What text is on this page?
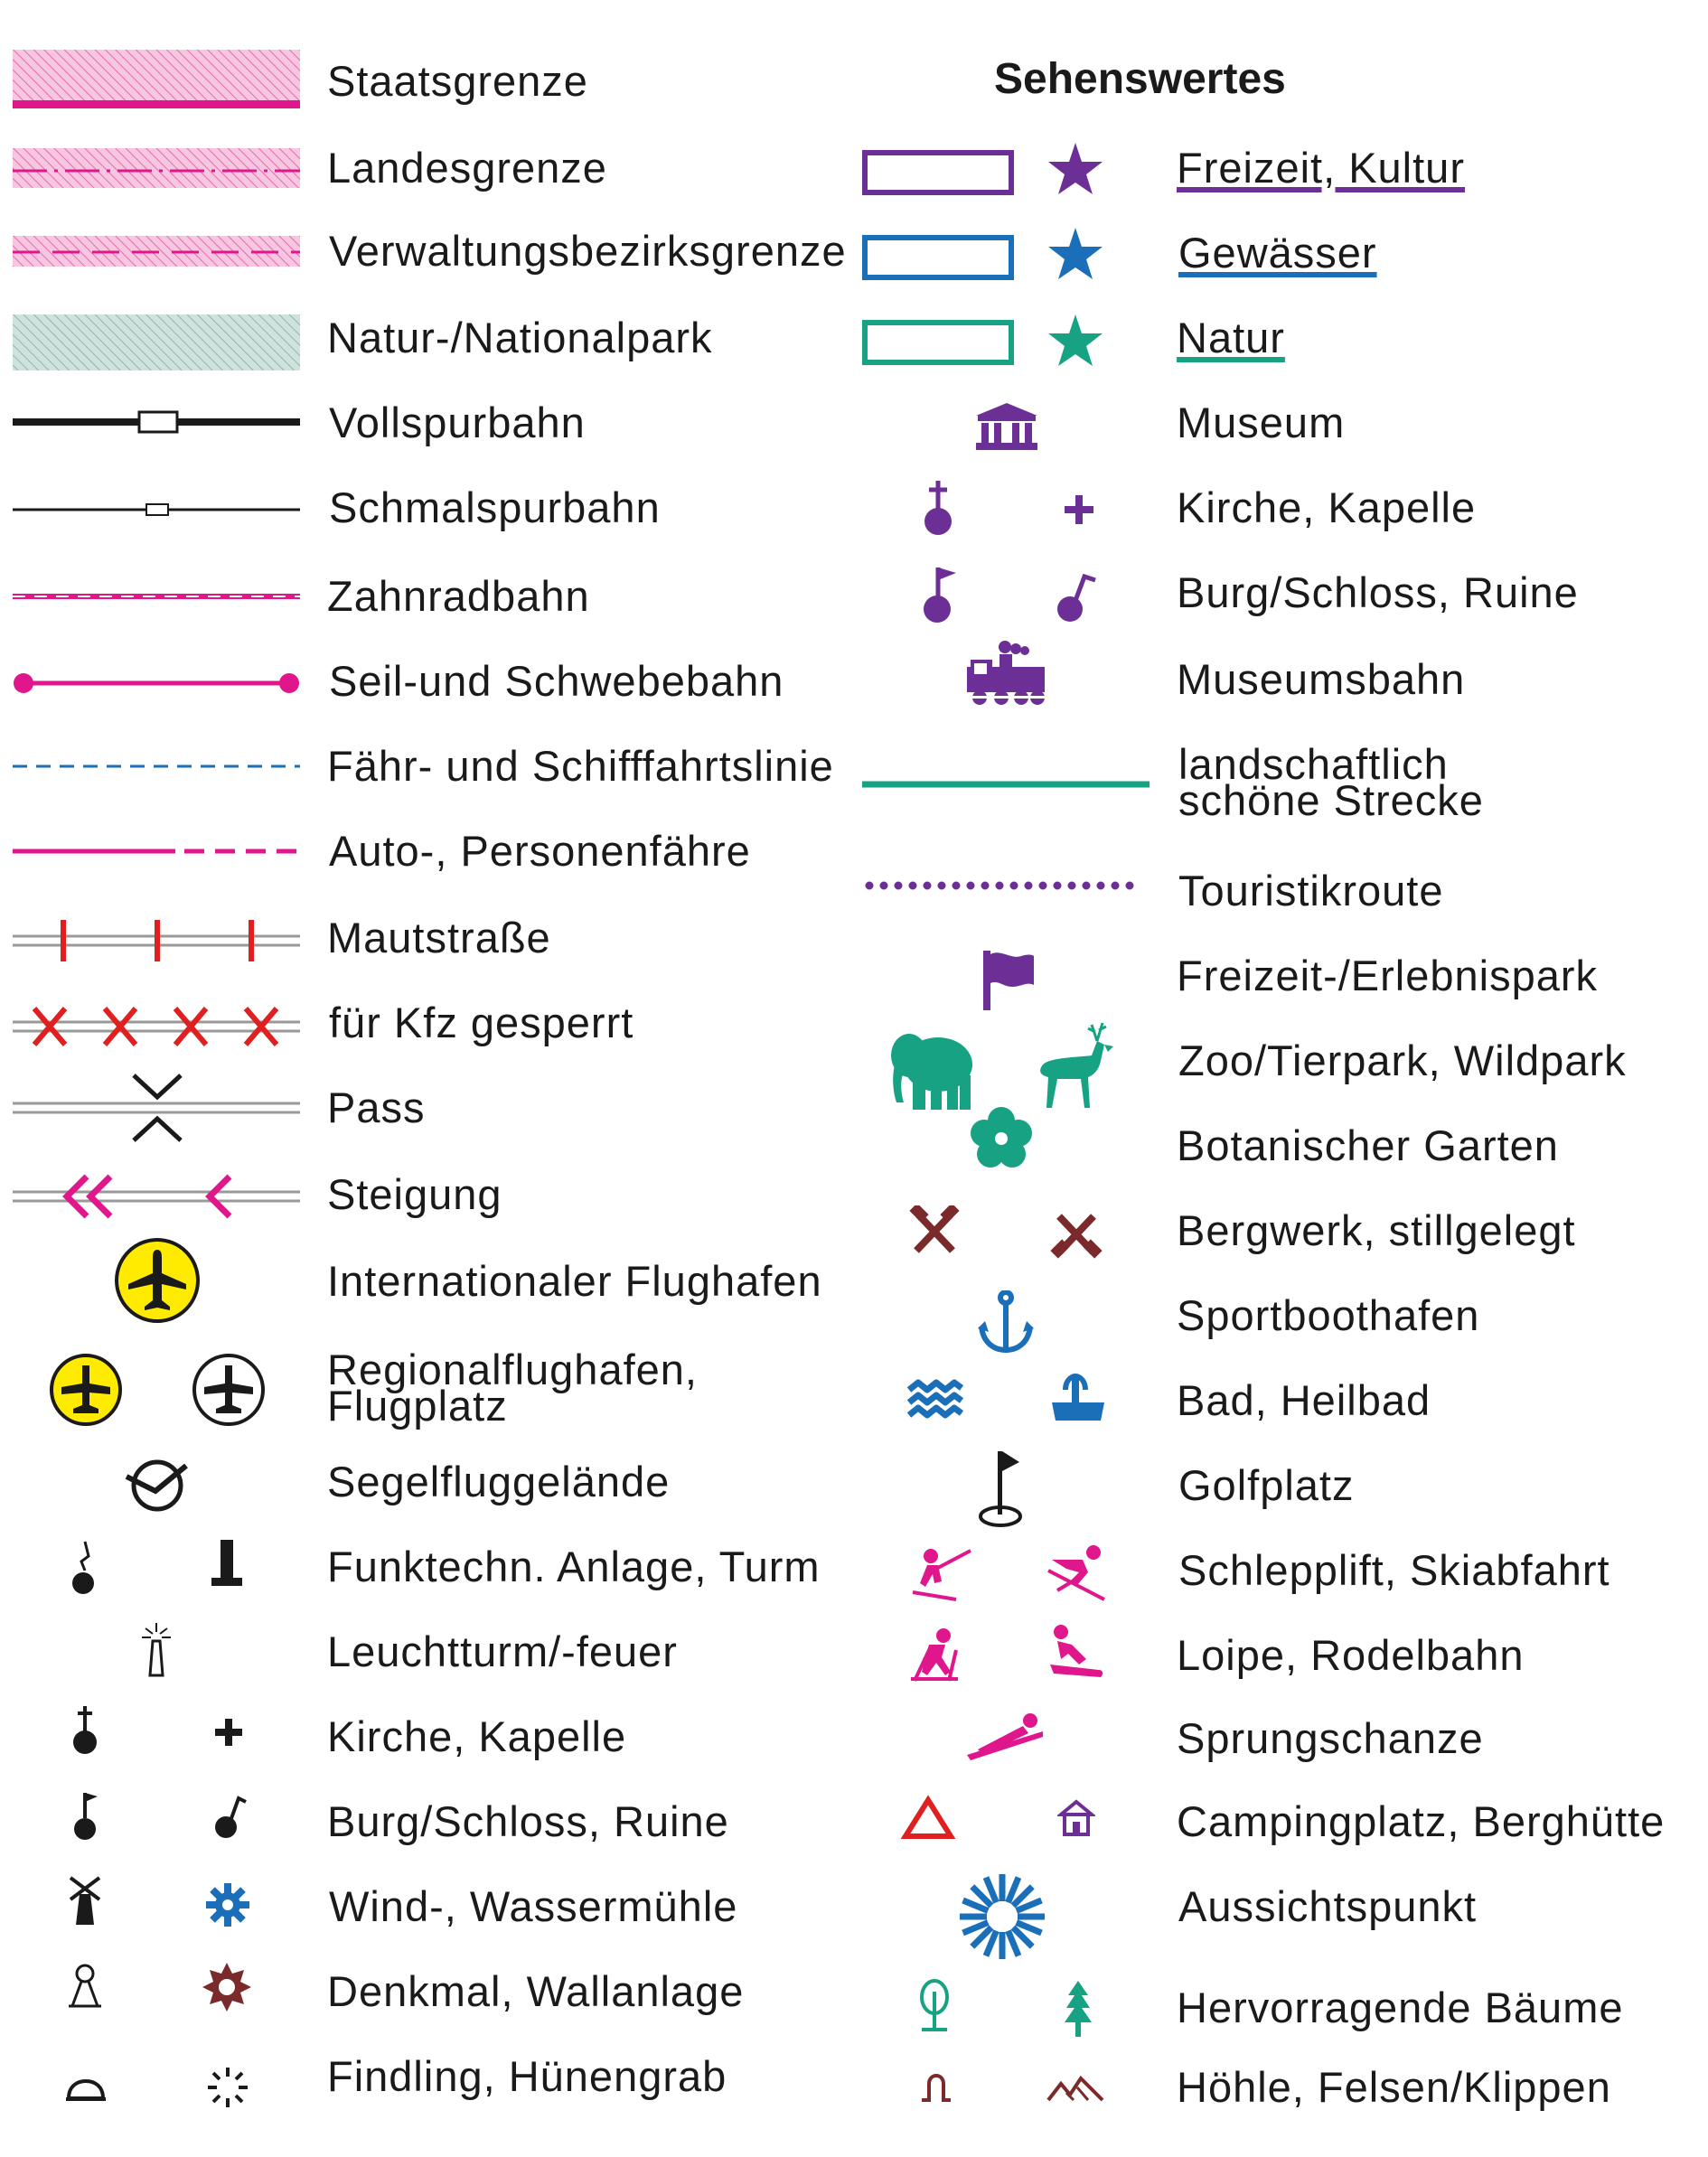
Staatsgrenze
Landesgrenze
Verwaltungsbezirksgrenze
Natur-/Nationalpark
Vollspurbahn
Schmalspurbahn
Zahnradbahn
Seil-und Schwebebahn
Fähr- und Schifffahrtslinie
Auto-, Personenfähre
Mautstraße
für Kfz gesperrt
Pass
Steigung
Internationaler Flughafen
Regionalflughafen,
Flugplatz
Segelfluggelände
Funktechn. Anlage, Turm
Leuchtturm/-feuer
Kirche, Kapelle
Burg/Schloss, Ruine
Wind-, Wassermühle
Denkmal, Wallanlage
Findling, Hünengrab
Sehenswertes
Freizeit, Kultur
Gewässer
Natur
Museum
Kirche, Kapelle
Burg/Schloss, Ruine
Museumsbahn
landschaftlich
schöne Strecke
Touristikroute
Freizeit-/Erlebnispark
Zoo/Tierpark, Wildpark
Botanischer Garten
Bergwerk, stillgelegt
Sportboothafen
Bad, Heilbad
Golfplatz
Schlepplift, Skiabfahrt
Loipe, Rodelbahn
Sprungschanze
Campingplatz, Berghütte
Aussichtspunkt
Hervorragende Bäume
Höhle, Felsen/Klippen
